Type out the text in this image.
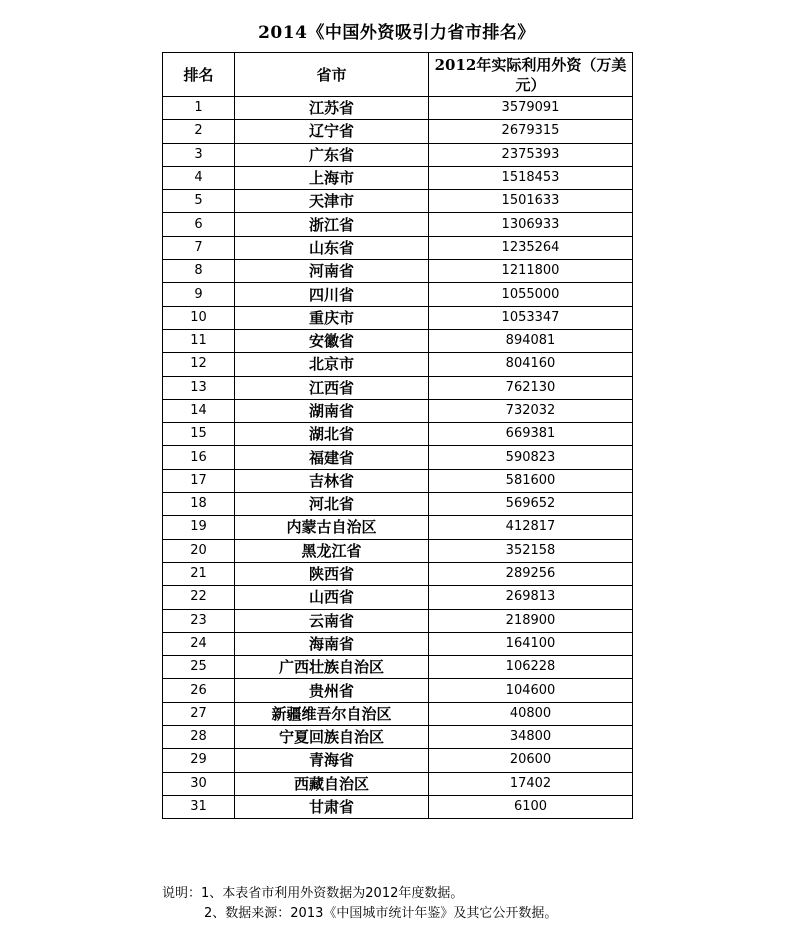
2014《中国外资吸引力省市排名》
排名	省市	2012年实际利用外资（万美元）
1	江苏省	3579091
2	辽宁省	2679315
3	广东省	2375393
4	上海市	1518453
5	天津市	1501633
6	浙江省	1306933
7	山东省	1235264
8	河南省	1211800
9	四川省	1055000
10	重庆市	1053347
11	安徽省	894081
12	北京市	804160
13	江西省	762130
14	湖南省	732032
15	湖北省	669381
16	福建省	590823
17	吉林省	581600
18	河北省	569652
19	内蒙古自治区	412817
20	黑龙江省	352158
21	陕西省	289256
22	山西省	269813
23	云南省	218900
24	海南省	164100
25	广西壮族自治区	106228
26	贵州省	104600
27	新疆维吾尔自治区	40800
28	宁夏回族自治区	34800
29	青海省	20600
30	西藏自治区	17402
31	甘肃省	6100
说明：1、本表省市利用外资数据为2012年度数据。
2、数据来源：2013《中国城市统计年鉴》及其它公开数据。
